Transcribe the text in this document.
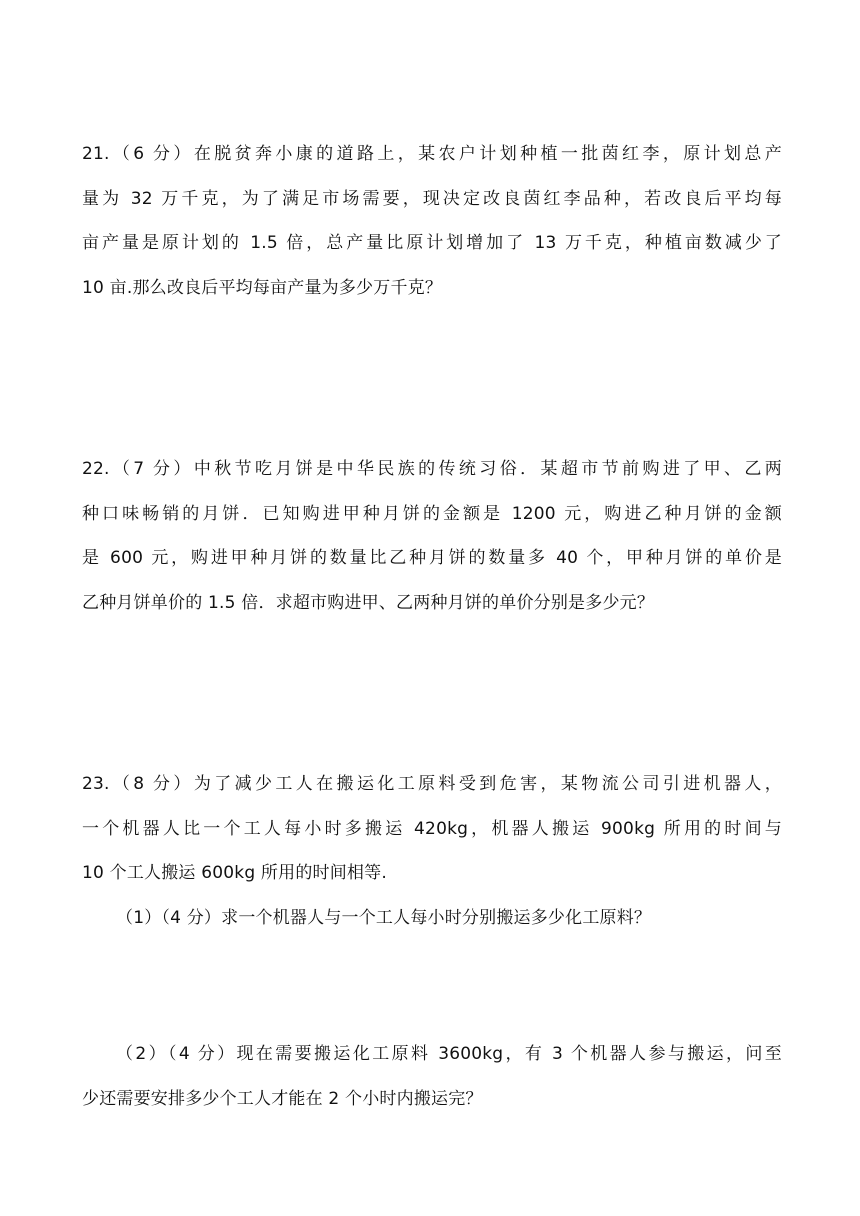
21.（6 分）在脱贫奔小康的道路上，某农户计划种植一批茵红李，原计划总产
量为 32 万千克，为了满足市场需要，现决定改良茵红李品种，若改良后平均每
亩产量是原计划的 1.5 倍，总产量比原计划增加了 13 万千克，种植亩数减少了
10 亩.那么改良后平均每亩产量为多少万千克？
22.（7 分）中秋节吃月饼是中华民族的传统习俗．某超市节前购进了甲、乙两
种口味畅销的月饼．已知购进甲种月饼的金额是 1200 元，购进乙种月饼的金额
是 600 元，购进甲种月饼的数量比乙种月饼的数量多 40 个，甲种月饼的单价是
乙种月饼单价的 1.5 倍．求超市购进甲、乙两种月饼的单价分别是多少元？
23.（8 分）为了减少工人在搬运化工原料受到危害，某物流公司引进机器人，
一个机器人比一个工人每小时多搬运 420kg，机器人搬运 900kg 所用的时间与
10 个工人搬运 600kg 所用的时间相等.
（1）（4 分）求一个机器人与一个工人每小时分别搬运多少化工原料？
（2）（4 分）现在需要搬运化工原料 3600kg，有 3 个机器人参与搬运，问至
少还需要安排多少个工人才能在 2 个小时内搬运完？
